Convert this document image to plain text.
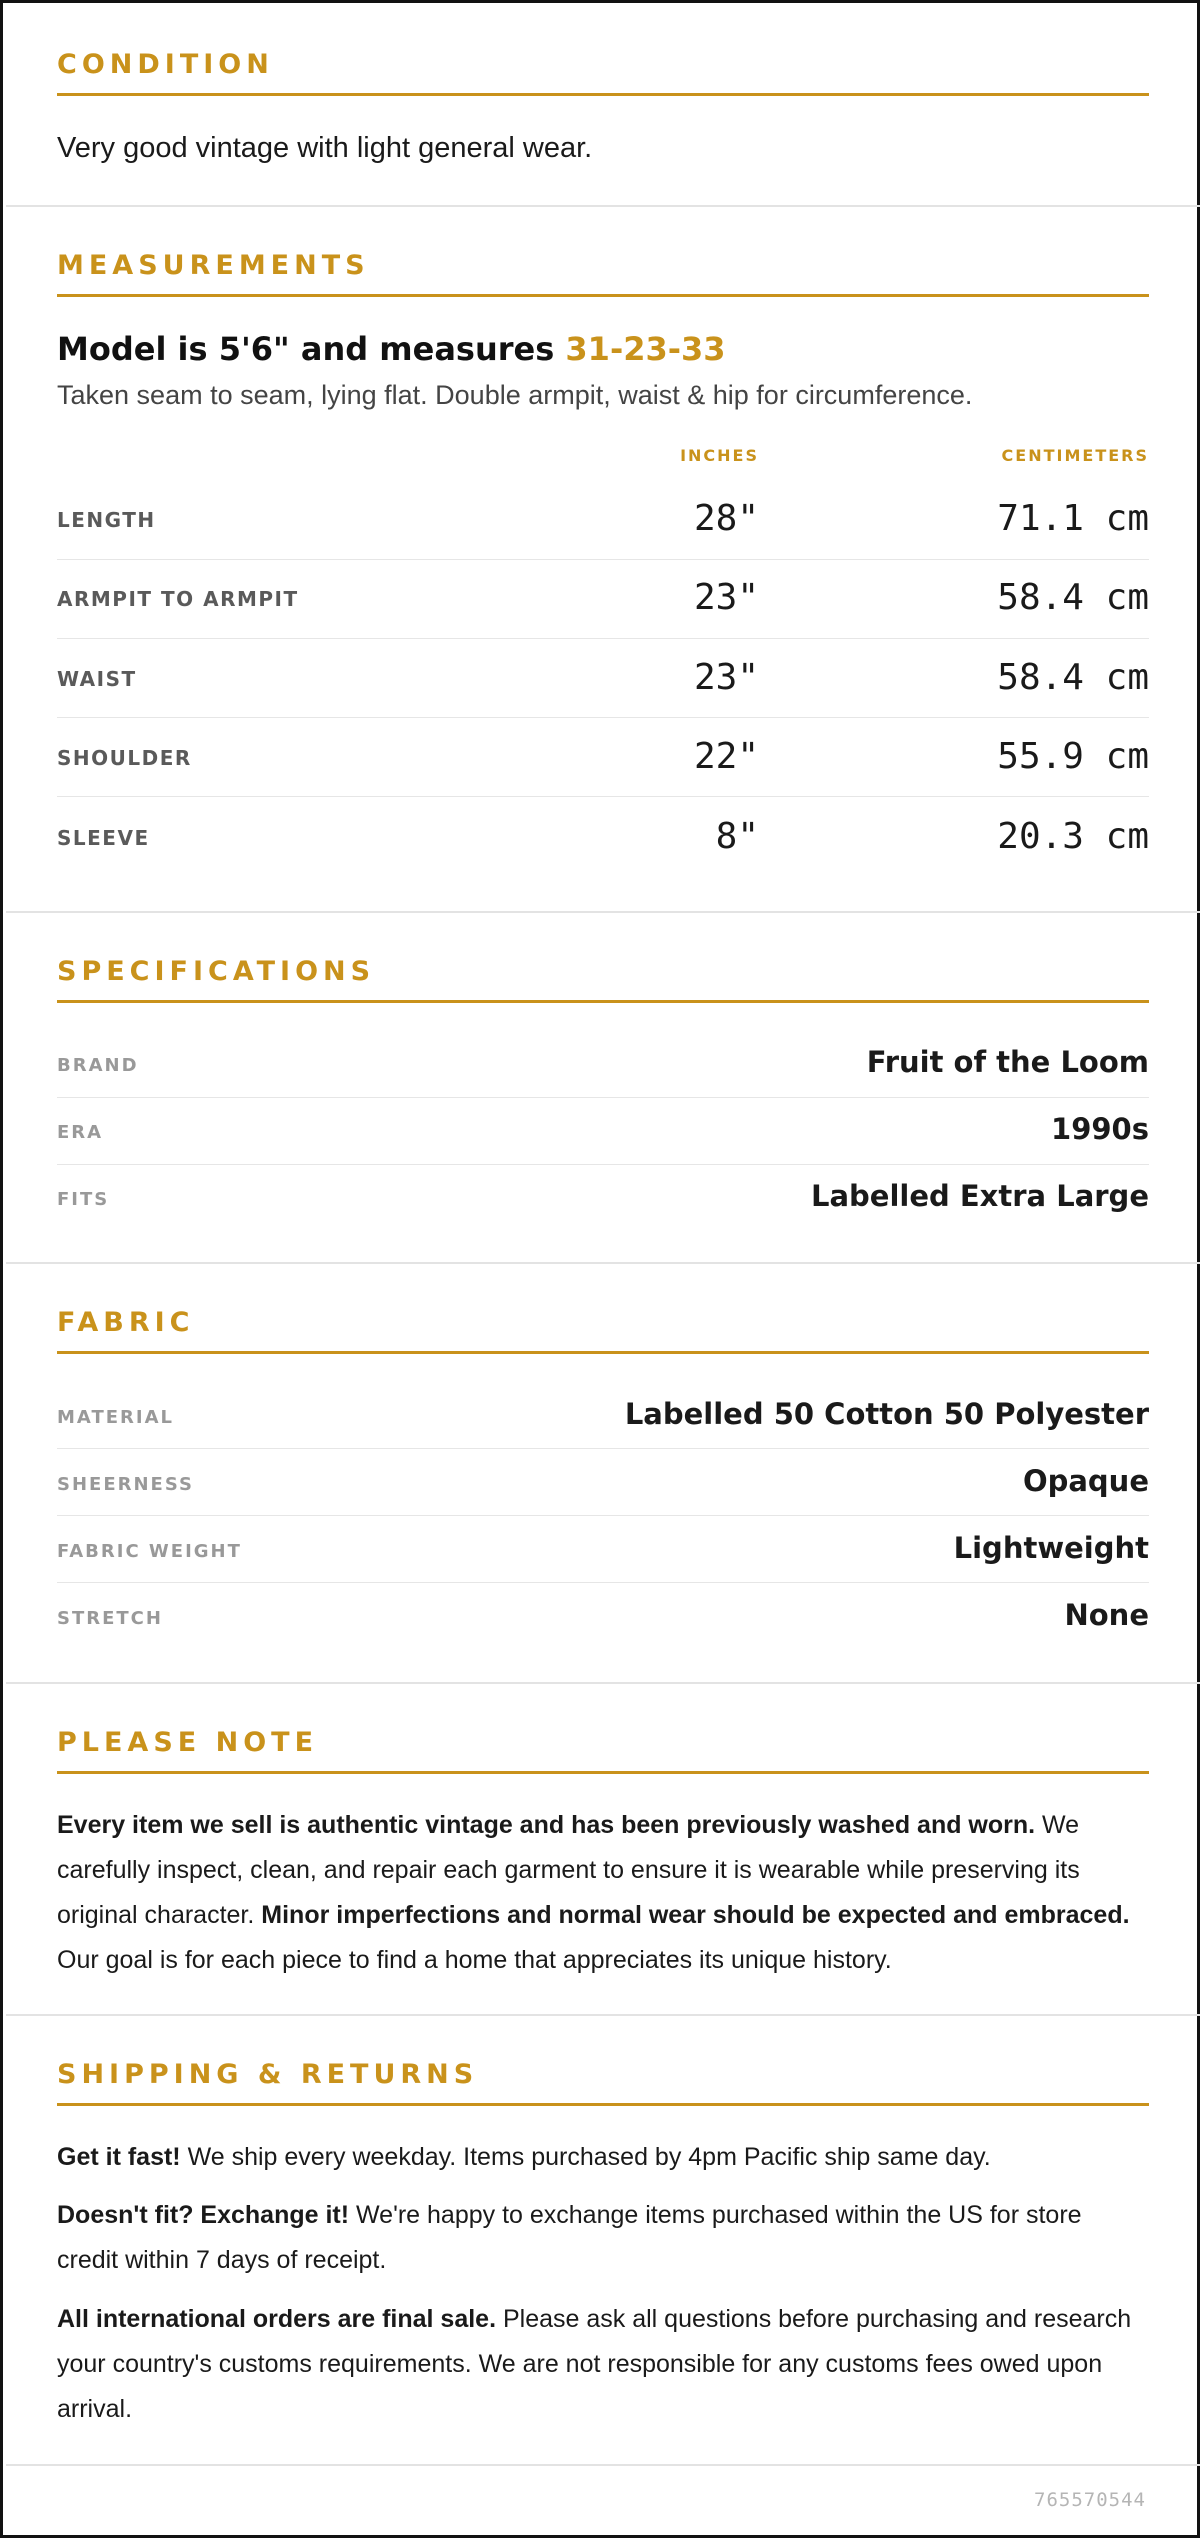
CONDITION
Very good vintage with light general wear.
MEASUREMENTS
Model is 5'6" and measures 31-23-33
Taken seam to seam, lying flat. Double armpit, waist & hip for circumference.
INCHES	CENTIMETERS
LENGTH	28"	71.1 cm
ARMPIT TO ARMPIT	23"	58.4 cm
WAIST	23"	58.4 cm
SHOULDER	22"	55.9 cm
SLEEVE	8"	20.3 cm
SPECIFICATIONS
BRAND	Fruit of the Loom
ERA	1990s
FITS	Labelled Extra Large
FABRIC
MATERIAL	Labelled 50 Cotton 50 Polyester
SHEERNESS	Opaque
FABRIC WEIGHT	Lightweight
STRETCH	None
PLEASE NOTE
Every item we sell is authentic vintage and has been previously washed and worn. We carefully inspect, clean, and repair each garment to ensure it is wearable while preserving its original character. Minor imperfections and normal wear should be expected and embraced. Our goal is for each piece to find a home that appreciates its unique history.
SHIPPING & RETURNS
Get it fast! We ship every weekday. Items purchased by 4pm Pacific ship same day.
Doesn't fit? Exchange it! We're happy to exchange items purchased within the US for store credit within 7 days of receipt.
All international orders are final sale. Please ask all questions before purchasing and research your country's customs requirements. We are not responsible for any customs fees owed upon arrival.
765570544
